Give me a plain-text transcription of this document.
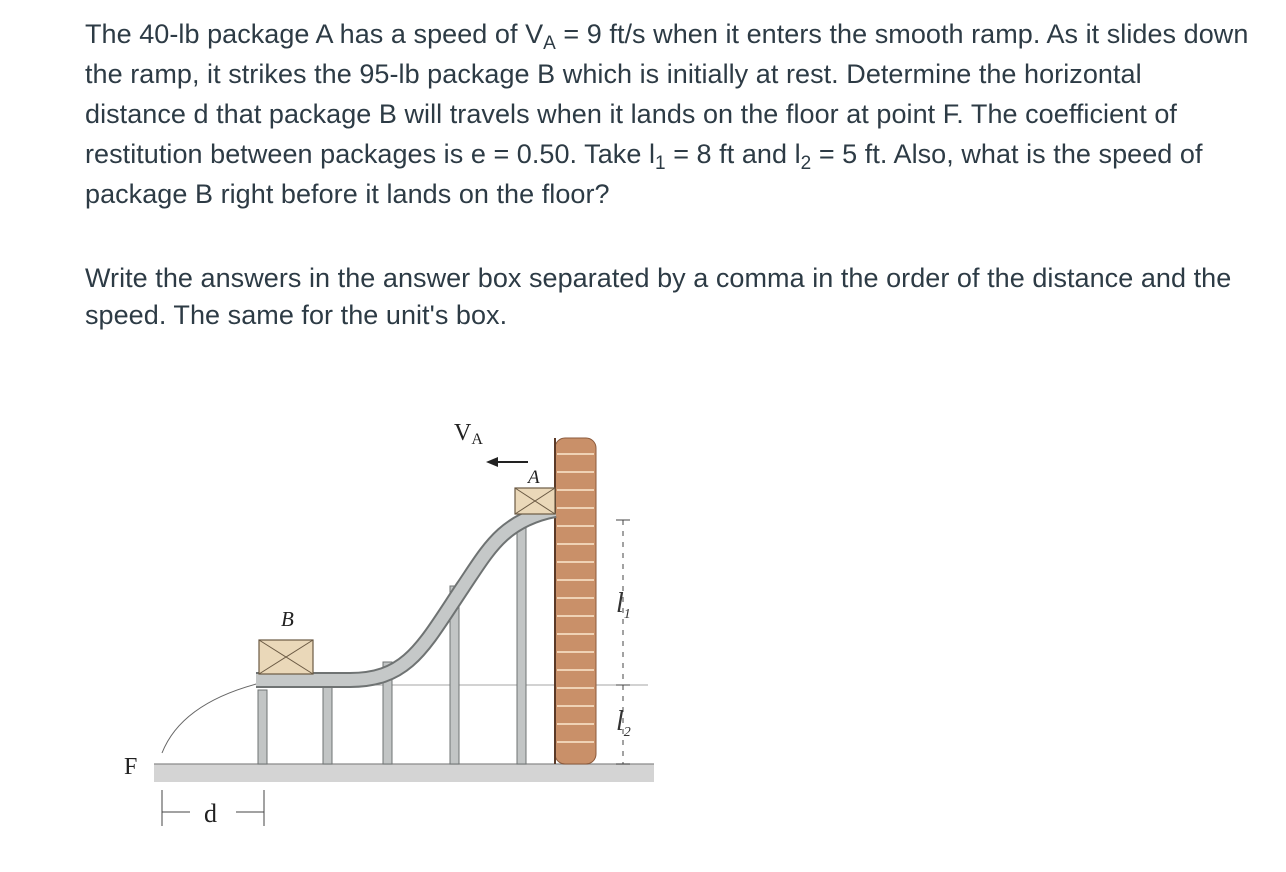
The 40-lb package A has a speed of $V_A = 9$ ft/s when it enters the smooth ramp. As it slides down the ramp, it strikes the 95-lb package B which is initially at rest. Determine the horizontal distance d that package B will travels when it lands on the floor at point F. The coefficient of restitution between packages is e = 0.50. Take $l_1 = 8$ ft and $l_2 = 5$ ft. Also, what is the speed of package B right before it lands on the floor?

Write the answers in the answer box separated by a comma in the order of the distance and the speed. The same for the unit's box.

VA
A
B
F
d
$l_1$
$l_2$
